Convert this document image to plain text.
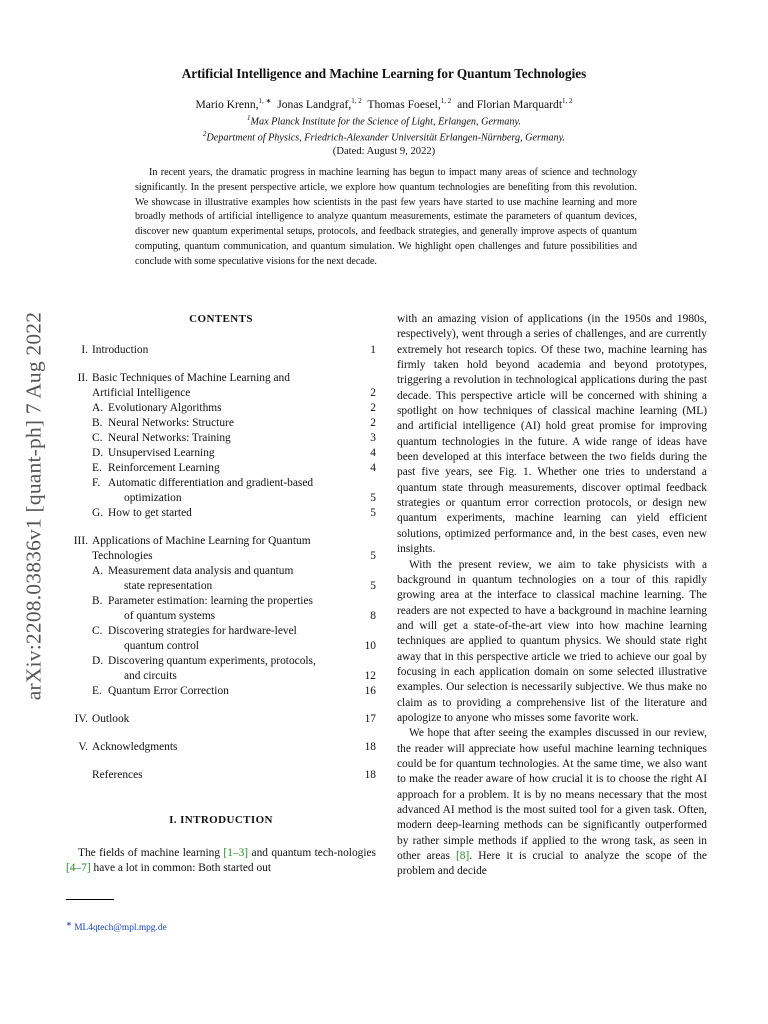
arXiv:2208.03836v1 [quant-ph] 7 Aug 2022
Artificial Intelligence and Machine Learning for Quantum Technologies
Mario Krenn,$^{1, ∗}$ Jonas Landgraf,$^{1, 2}$ Thomas Foesel,$^{1, 2}$ and Florian Marquardt$^{1, 2}$
$^1$Max Planck Institute for the Science of Light, Erlangen, Germany.
$^2$Department of Physics, Friedrich-Alexander Universität Erlangen-Nürnberg, Germany.
(Dated: August 9, 2022)

In recent years, the dramatic progress in machine learning has begun to impact many areas of science and technology significantly. In the present perspective article, we explore how quantum technologies are benefiting from this revolution. We showcase in illustrative examples how scientists in the past few years have started to use machine learning and more broadly methods of artificial intelligence to analyze quantum measurements, estimate the parameters of quantum devices, discover new quantum experimental setups, protocols, and feedback strategies, and generally improve aspects of quantum computing, quantum communication, and quantum simulation. We highlight open challenges and future possibilities and conclude with some speculative visions for the next decade.

CONTENTS
I. Introduction	1
II. Basic Techniques of Machine Learning and
Artificial Intelligence	2
A. Evolutionary Algorithms	2
B. Neural Networks: Structure	2
C. Neural Networks: Training	3
D. Unsupervised Learning	4
E. Reinforcement Learning	4
F. Automatic differentiation and gradient-based
optimization	5
G. How to get started	5
III. Applications of Machine Learning for Quantum
Technologies	5
A. Measurement data analysis and quantum
state representation	5
B. Parameter estimation: learning the properties
of quantum systems	8
C. Discovering strategies for hardware-level
quantum control	10
D. Discovering quantum experiments, protocols,
and circuits	12
E. Quantum Error Correction	16
IV. Outlook	17
V. Acknowledgments	18
References	18
I. INTRODUCTION

The fields of machine learning [1–3] and quantum tech-nologies [4–7] have a lot in common: Both started out

with an amazing vision of applications (in the 1950s and 1980s, respectively), went through a series of challenges, and are currently extremely hot research topics. Of these two, machine learning has firmly taken hold beyond academia and beyond prototypes, triggering a revolution in technological applications during the past decade. This perspective article will be concerned with shining a spotlight on how techniques of classical machine learning (ML) and artificial intelligence (AI) hold great promise for improving quantum technologies in the future. A wide range of ideas have been developed at this interface between the two fields during the past five years, see Fig. 1. Whether one tries to understand a quantum state through measurements, discover optimal feedback strategies or quantum error correction protocols, or design new quantum experiments, machine learning can yield efficient solutions, optimized performance and, in the best cases, even new insights.

With the present review, we aim to take physicists with a background in quantum technologies on a tour of this rapidly growing area at the interface to classical machine learning. The readers are not expected to have a background in machine learning and will get a state-of-the-art view into how machine learning techniques are applied to quantum physics. We should state right away that in this perspective article we tried to achieve our goal by focusing in each application domain on some selected illustrative examples. Our selection is necessarily subjective. We thus make no claim as to providing a comprehensive list of the literature and apologize to anyone who misses some favorite work.

We hope that after seeing the examples discussed in our review, the reader will appreciate how useful machine learning techniques could be for quantum technologies. At the same time, we also want to make the reader aware of how crucial it is to choose the right AI approach for a problem. It is by no means necessary that the most advanced AI method is the most suited tool for a given task. Often, modern deep-learning methods can be significantly outperformed by rather simple methods if applied to the wrong task, as seen in other areas [8]. Here it is crucial to analyze the scope of the problem and decide

∗ ML4qtech@mpl.mpg.de
